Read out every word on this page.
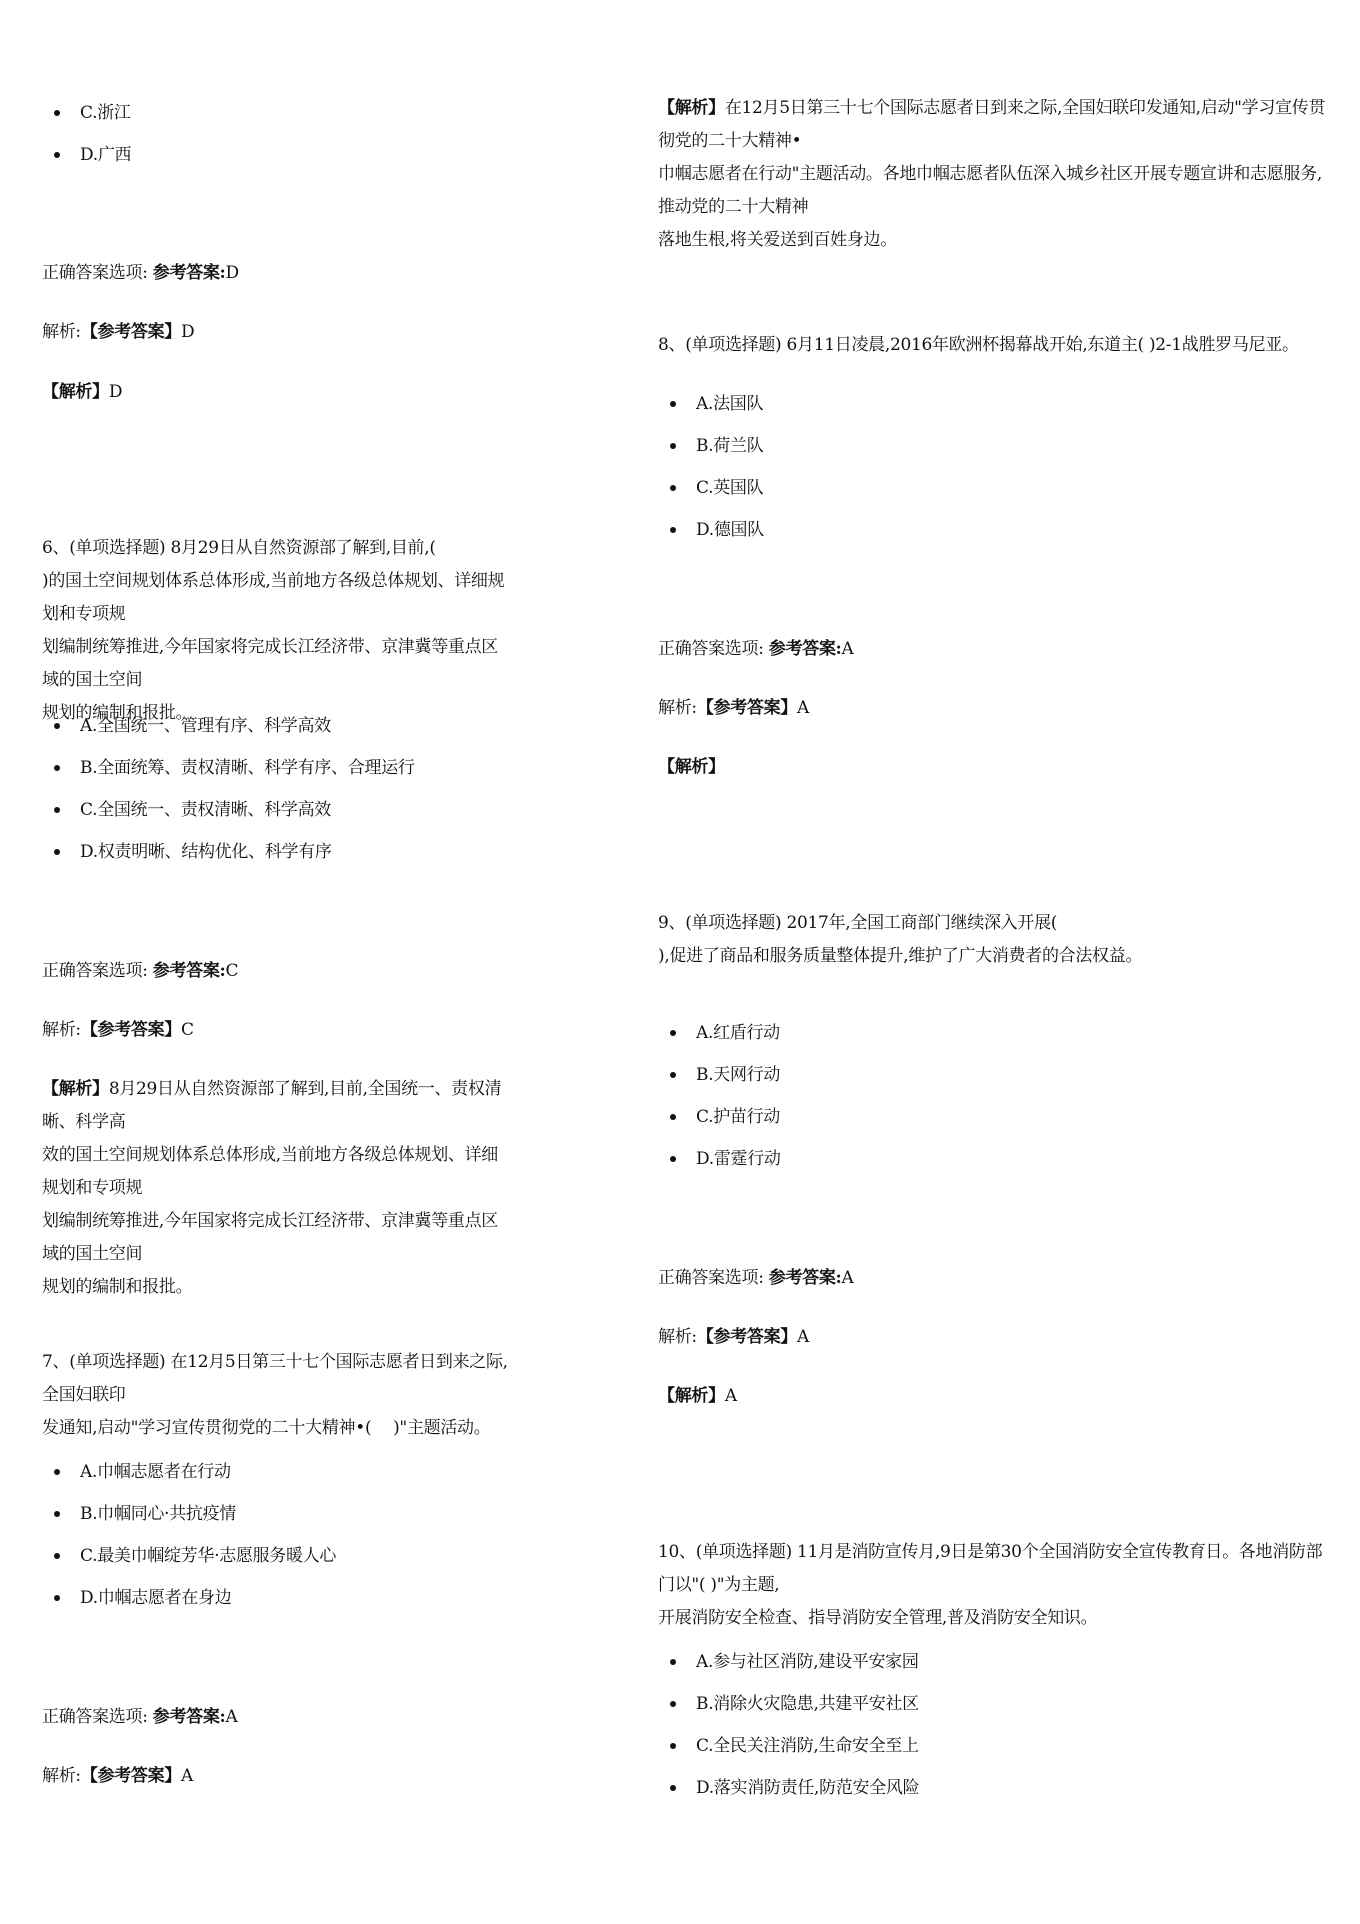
C.浙江
D.广西
正确答案选项: 参考答案:D
解析:【参考答案】D
【解析】D
6、(单项选择题) 8月29日从自然资源部了解到,目前,(
)的国土空间规划体系总体形成,当前地方各级总体规划、详细规划和专项规
划编制统筹推进,今年国家将完成长江经济带、京津冀等重点区域的国土空间
规划的编制和报批。
A.全国统一、管理有序、科学高效
B.全面统筹、责权清晰、科学有序、合理运行
C.全国统一、责权清晰、科学高效
D.权责明晰、结构优化、科学有序
正确答案选项: 参考答案:C
解析:【参考答案】C
【解析】8月29日从自然资源部了解到,目前,全国统一、责权清晰、科学高
效的国土空间规划体系总体形成,当前地方各级总体规划、详细规划和专项规
划编制统筹推进,今年国家将完成长江经济带、京津冀等重点区域的国土空间
规划的编制和报批。
7、(单项选择题) 在12月5日第三十七个国际志愿者日到来之际,全国妇联印
发通知,启动"学习宣传贯彻党的二十大精神•(　 )"主题活动。
A.巾帼志愿者在行动
B.巾帼同心·共抗疫情
C.最美巾帼绽芳华·志愿服务暖人心
D.巾帼志愿者在身边
正确答案选项: 参考答案:A
解析:【参考答案】A
【解析】在12月5日第三十七个国际志愿者日到来之际,全国妇联印发通知,启动"学习宣传贯彻党的二十大精神•
巾帼志愿者在行动"主题活动。各地巾帼志愿者队伍深入城乡社区开展专题宣讲和志愿服务,推动党的二十大精神
落地生根,将关爱送到百姓身边。
8、(单项选择题) 6月11日凌晨,2016年欧洲杯揭幕战开始,东道主( )2-1战胜罗马尼亚。
A.法国队
B.荷兰队
C.英国队
D.德国队
正确答案选项: 参考答案:A
解析:【参考答案】A
【解析】
9、(单项选择题) 2017年,全国工商部门继续深入开展(
),促进了商品和服务质量整体提升,维护了广大消费者的合法权益。
A.红盾行动
B.天网行动
C.护苗行动
D.雷霆行动
正确答案选项: 参考答案:A
解析:【参考答案】A
【解析】A
10、(单项选择题) 11月是消防宣传月,9日是第30个全国消防安全宣传教育日。各地消防部门以"( )"为主题,
开展消防安全检查、指导消防安全管理,普及消防安全知识。
A.参与社区消防,建设平安家园
B.消除火灾隐患,共建平安社区
C.全民关注消防,生命安全至上
D.落实消防责任,防范安全风险
